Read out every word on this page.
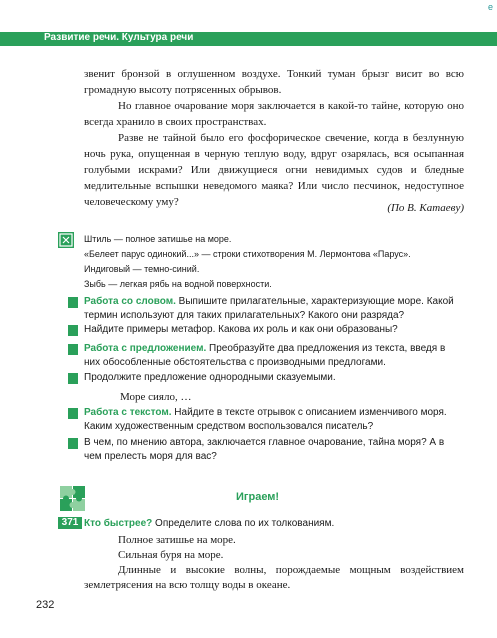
е
Развитие речи. Культура речи

звенит бронзой в оглушенном воздухе. Тонкий туман брызг висит во всю громадную высоту потрясенных обрывов.

Но главное очарование моря заключается в какой-то тайне, которую оно всегда хранило в своих пространствах.

Разве не тайной было его фосфорическое свечение, когда в безлунную ночь рука, опущенная в черную теплую воду, вдруг озарялась, вся осыпанная голубыми искрами? Или движущиеся огни невидимых судов и бледные медлительные вспышки неведомого маяка? Или число песчинок, недоступное человеческому уму?	(По В. Катаеву)
Штиль — полное затишье на море.
«Белеет парус одинокий...» — строки стихотворения М. Лермонтова «Парус».
Индиговый — темно-синий.
Зыбь — легкая рябь на водной поверхности.
Работа со словом. Выпишите прилагательные, характеризующие море. Какой термин используют для таких прилагательных? Какого они разряда?
Найдите примеры метафор. Какова их роль и как они образованы?
Работа с предложением. Преобразуйте два предложения из текста, введя в них обособленные обстоятельства с производными предлогами.
Продолжите предложение однородными сказуемыми.
Море сияло, …
Работа с текстом. Найдите в тексте отрывок с описанием изменчивого моря. Каким художественным средством воспользовался писатель?
В чем, по мнению автора, заключается главное очарование, тайна моря? А в чем прелесть моря для вас?
Играем!
371 Кто быстрее? Определите слова по их толкованиям.

Полное затишье на море.

Сильная буря на море.

Длинные и высокие волны, порождаемые мощным воздействием землетрясения на всю толщу воды в океане.

232
